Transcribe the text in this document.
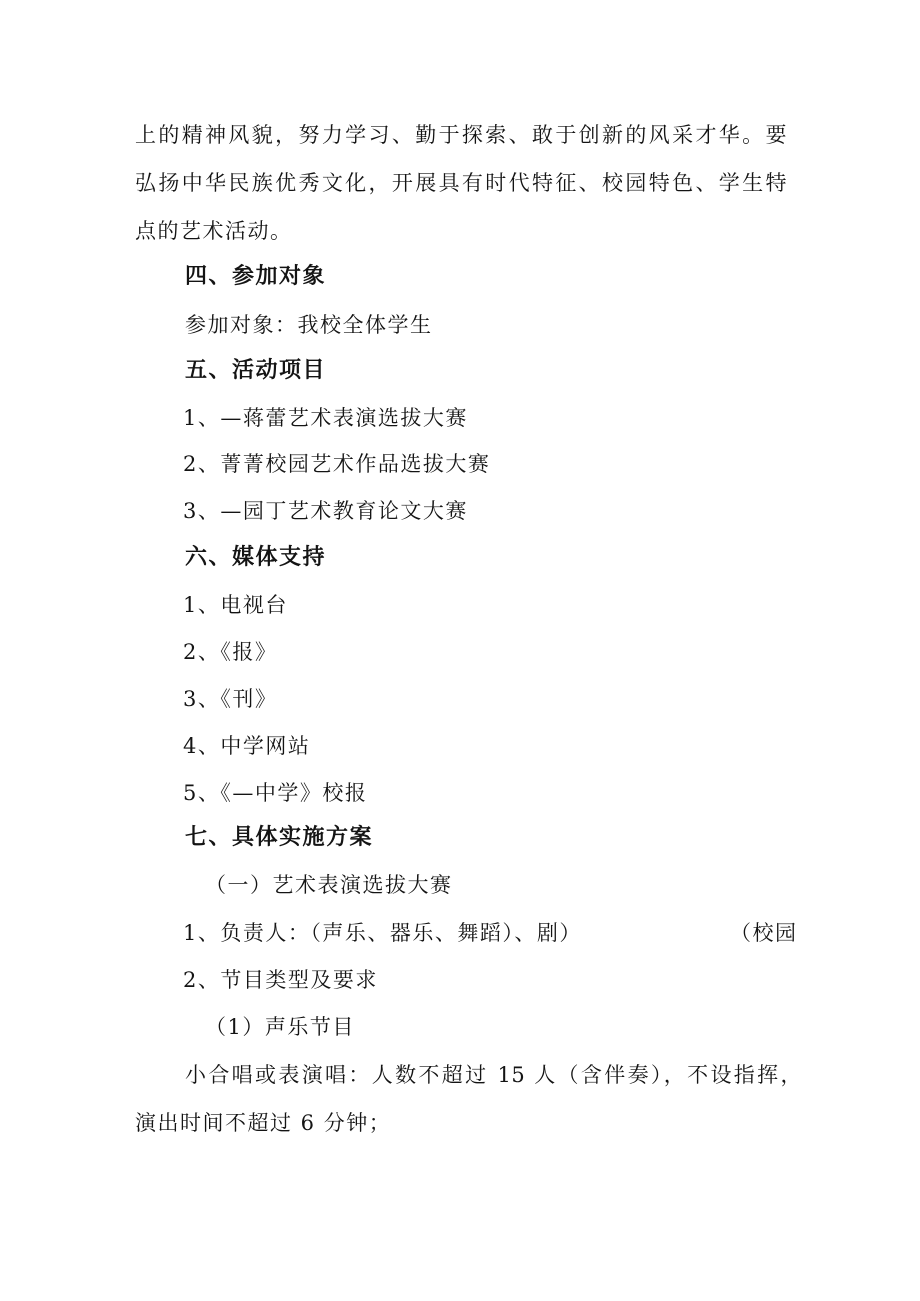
上的精神风貌，努力学习、勤于探索、敢于创新的风采才华。要
弘扬中华民族优秀文化，开展具有时代特征、校园特色、学生特
点的艺术活动。
四、参加对象
参加对象：我校全体学生
五、活动项目
1、—蒋蕾艺术表演选拔大赛
2、菁菁校园艺术作品选拔大赛
3、—园丁艺术教育论文大赛
六、媒体支持
1、电视台
2、《报》
3、《刊》
4、中学网站
5、《—中学》校报
七、具体实施方案
（一）艺术表演选拔大赛
1、负责人：（声乐、器乐、舞蹈）、剧）	（校园
2、节目类型及要求
（1）声乐节目
小合唱或表演唱：人数不超过 15 人（含伴奏），不设指挥，
演出时间不超过 6 分钟；
